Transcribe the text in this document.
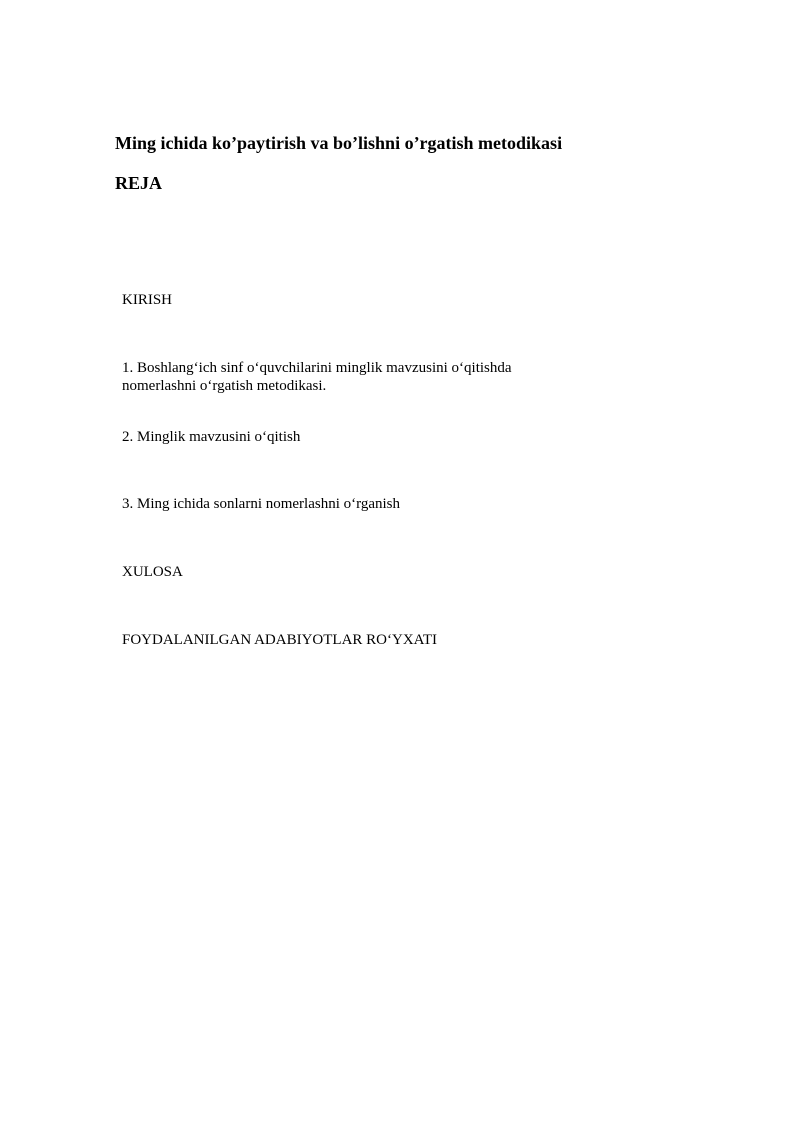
Ming ichida ko’paytirish va bo’lishni o’rgatish metodikasi
REJA
KIRISH
1. Boshlang‘ich sinf o‘quvchilarini minglik mavzusini o‘qitishda
nomerlashni o‘rgatish metodikasi.
2. Minglik mavzusini o‘qitish
3. Ming ichida sonlarni nomerlashni o‘rganish
XULOSA
FOYDALANILGAN ADABIYOTLAR RO‘YXATI
